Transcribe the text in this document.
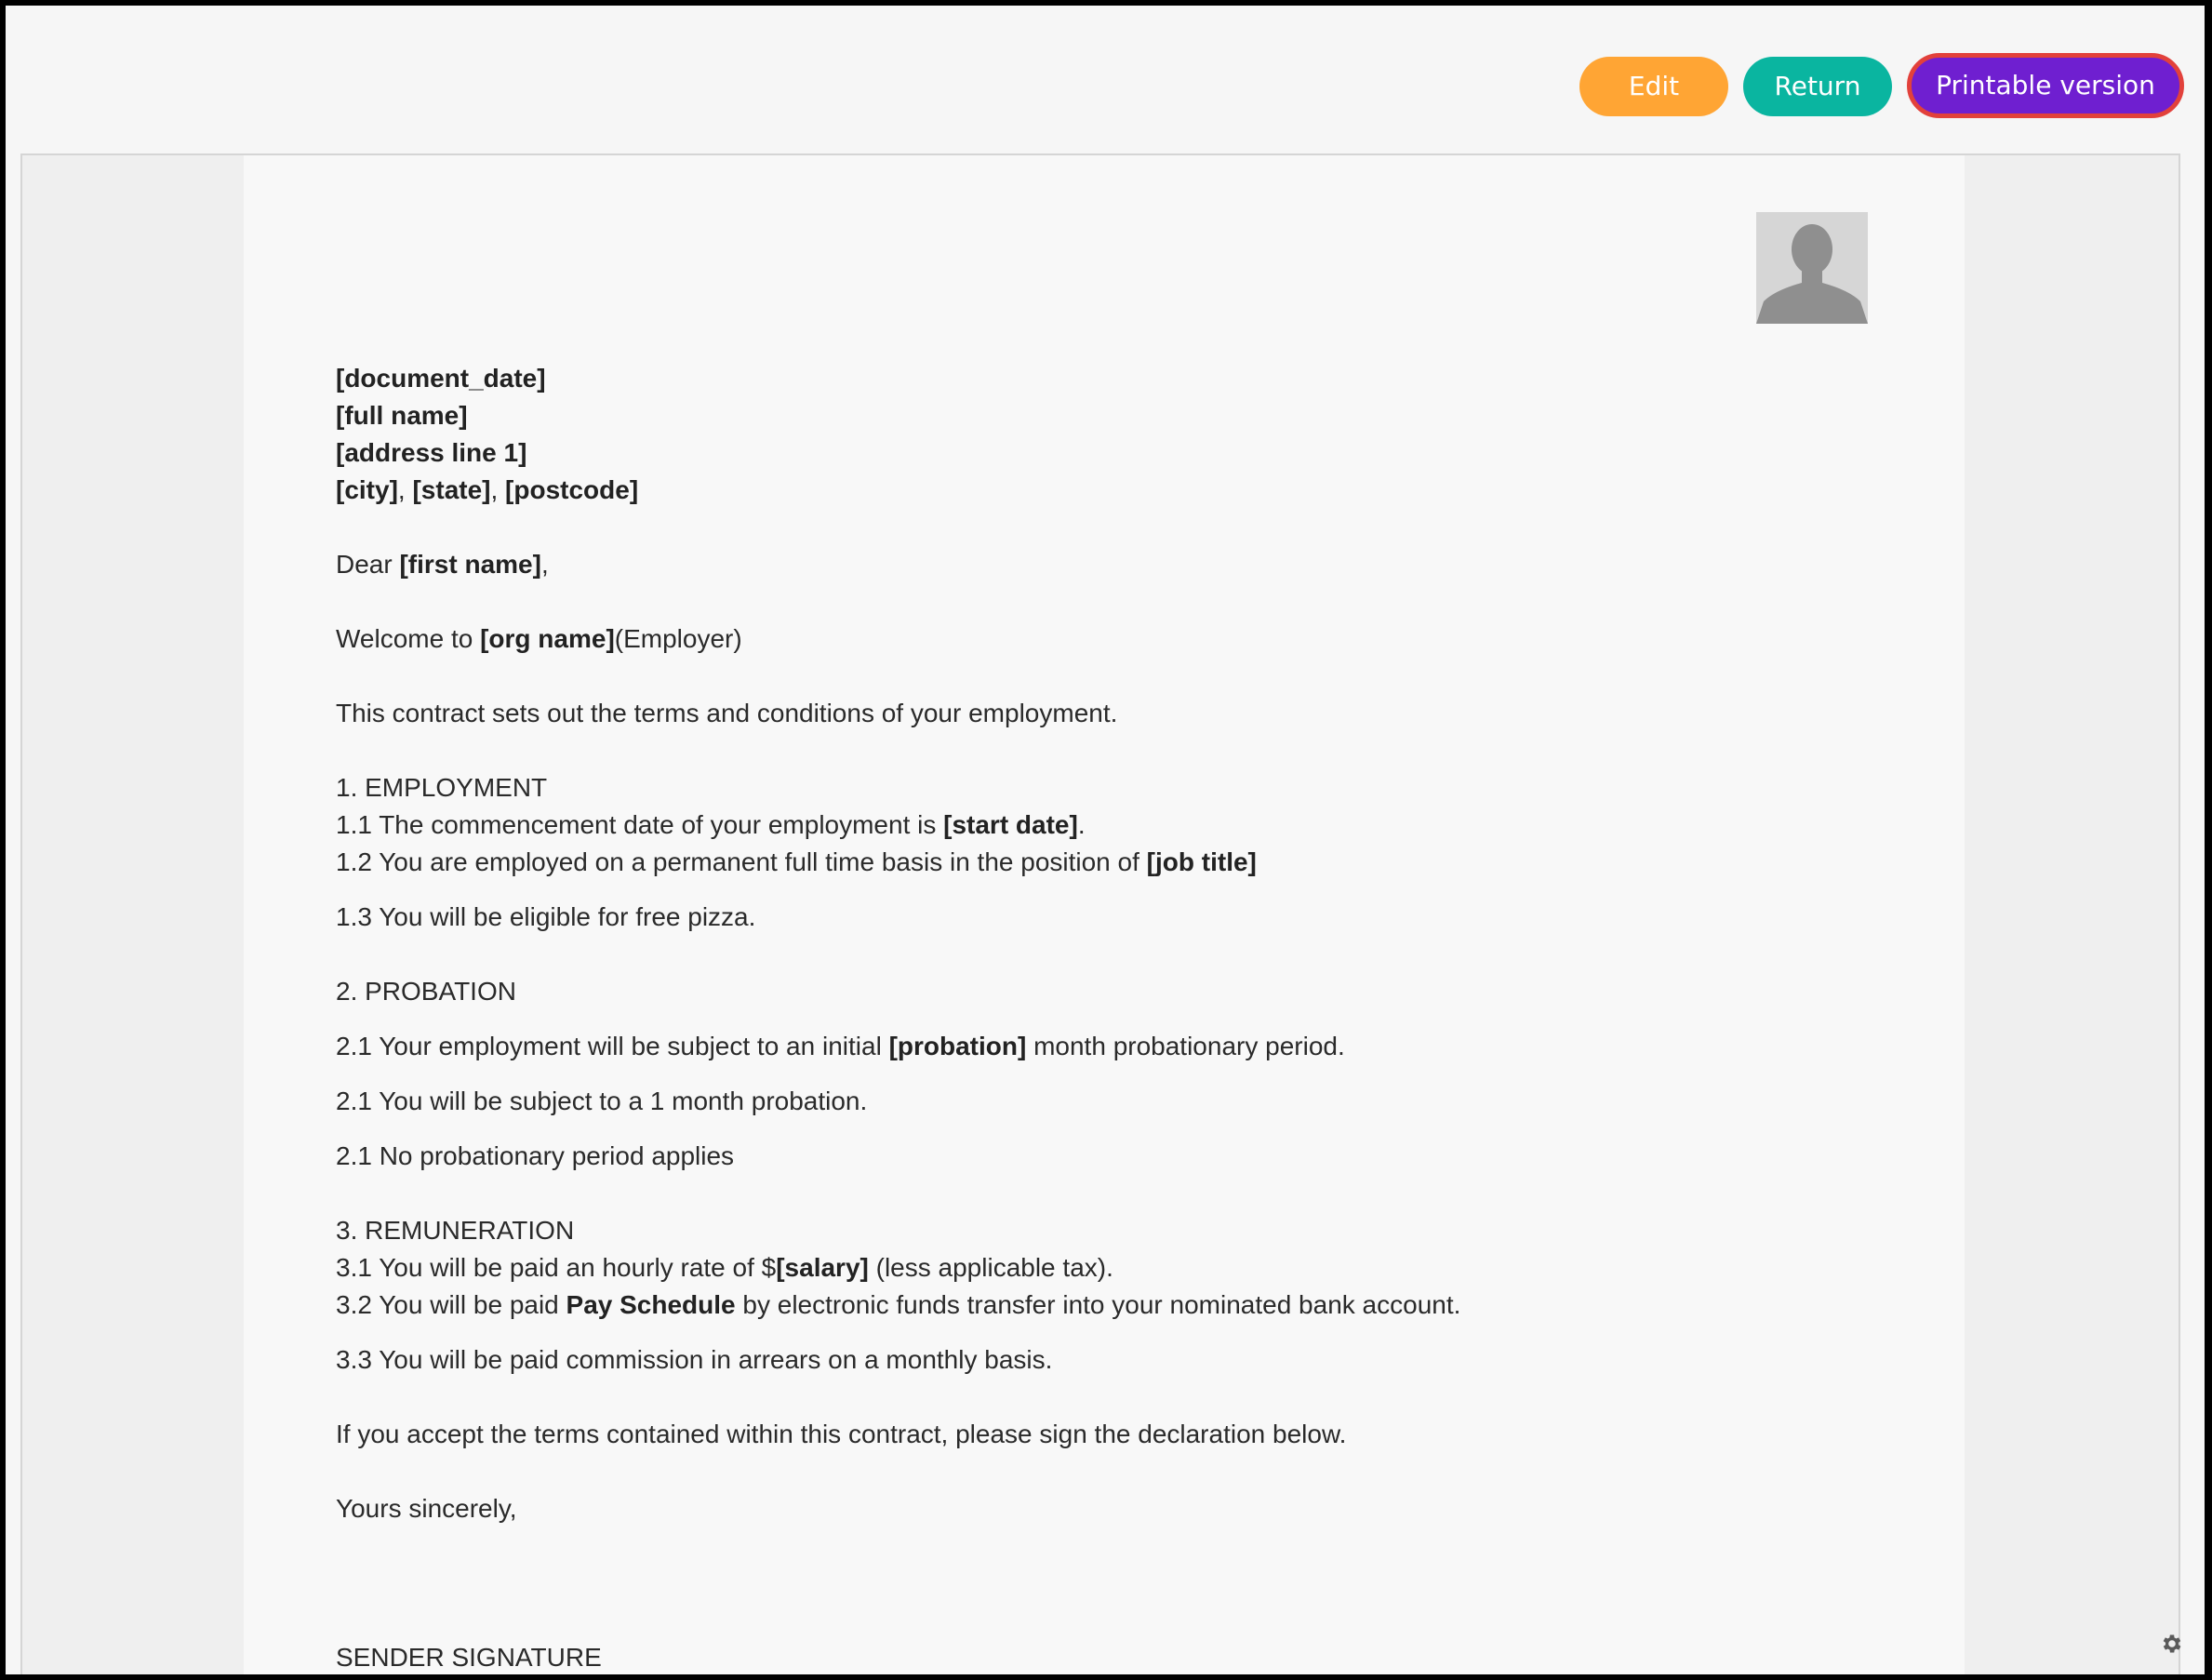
Edit	Return	Printable version

[document_date]

[full name]

[address line 1]

[city], [state], [postcode]

Dear [first name],

Welcome to [org name](Employer)

This contract sets out the terms and conditions of your employment.

1. EMPLOYMENT

1.1 The commencement date of your employment is [start date].

1.2 You are employed on a permanent full time basis in the position of [job title]

1.3 You will be eligible for free pizza.

2. PROBATION

2.1 Your employment will be subject to an initial [probation] month probationary period.

2.1 You will be subject to a 1 month probation.

2.1 No probationary period applies

3. REMUNERATION

3.1 You will be paid an hourly rate of $[salary] (less applicable tax).

3.2 You will be paid Pay Schedule by electronic funds transfer into your nominated bank account.

3.3 You will be paid commission in arrears on a monthly basis.

If you accept the terms contained within this contract, please sign the declaration below.

Yours sincerely,

SENDER SIGNATURE
